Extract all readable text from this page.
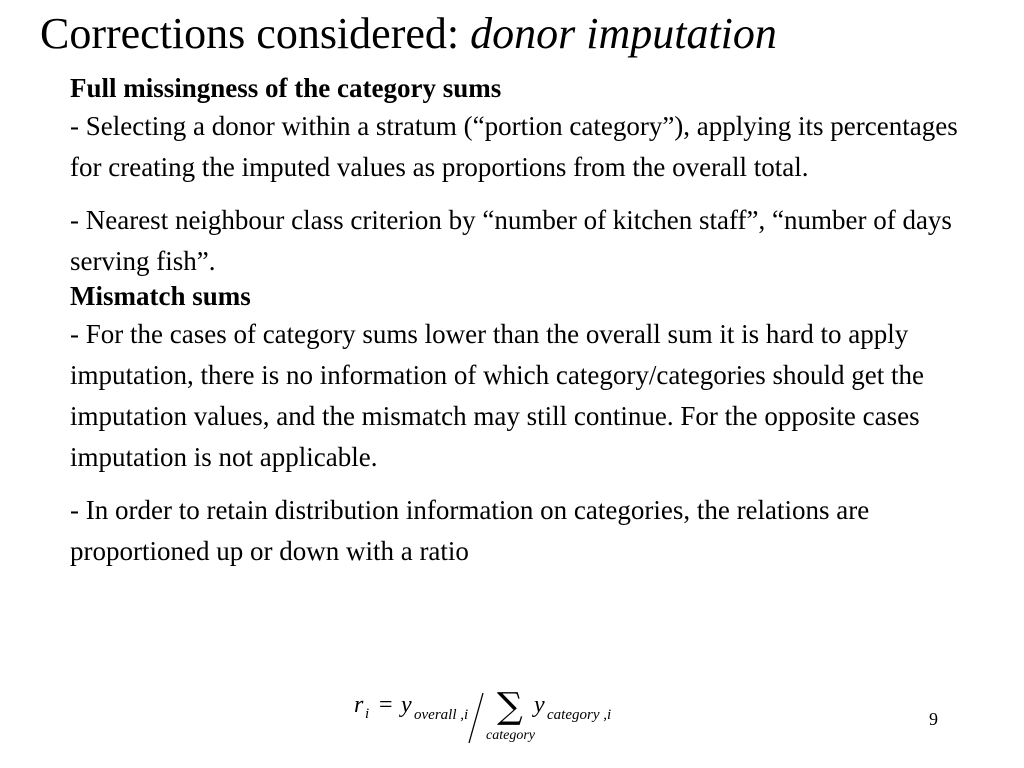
Corrections considered: donor imputation

Full missingness of the category sums

- Selecting a donor within a stratum (“portion category”), applying its percentages for creating the imputed values as proportions from the overall total.

- Nearest neighbour class criterion by “number of kitchen staff”, “number of days serving fish”.

Mismatch sums

- For the cases of category sums lower than the overall sum it is hard to apply imputation, there is no information of which category/categories should get the imputation values, and the mismatch may still continue. For the opposite cases imputation is not applicable.

- In order to retain distribution information on categories, the relations are proportioned up or down with a ratio

r i = y overall ,i ∑
category
y category ,i	9
